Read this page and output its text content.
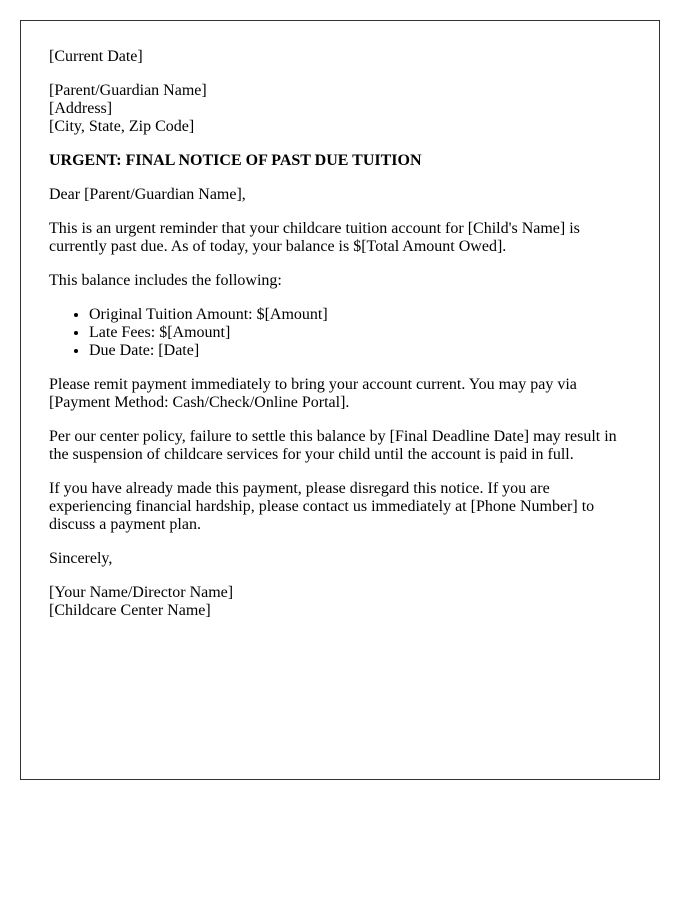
[Current Date]

[Parent/Guardian Name]
[Address]
[City, State, Zip Code]

URGENT: FINAL NOTICE OF PAST DUE TUITION

Dear [Parent/Guardian Name],

This is an urgent reminder that your childcare tuition account for [Child's Name] is currently past due. As of today, your balance is $[Total Amount Owed].

This balance includes the following:

• Original Tuition Amount: $[Amount]
• Late Fees: $[Amount]
• Due Date: [Date]

Please remit payment immediately to bring your account current. You may pay via [Payment Method: Cash/Check/Online Portal].

Per our center policy, failure to settle this balance by [Final Deadline Date] may result in the suspension of childcare services for your child until the account is paid in full.

If you have already made this payment, please disregard this notice. If you are experiencing financial hardship, please contact us immediately at [Phone Number] to discuss a payment plan.

Sincerely,

[Your Name/Director Name]
[Childcare Center Name]
